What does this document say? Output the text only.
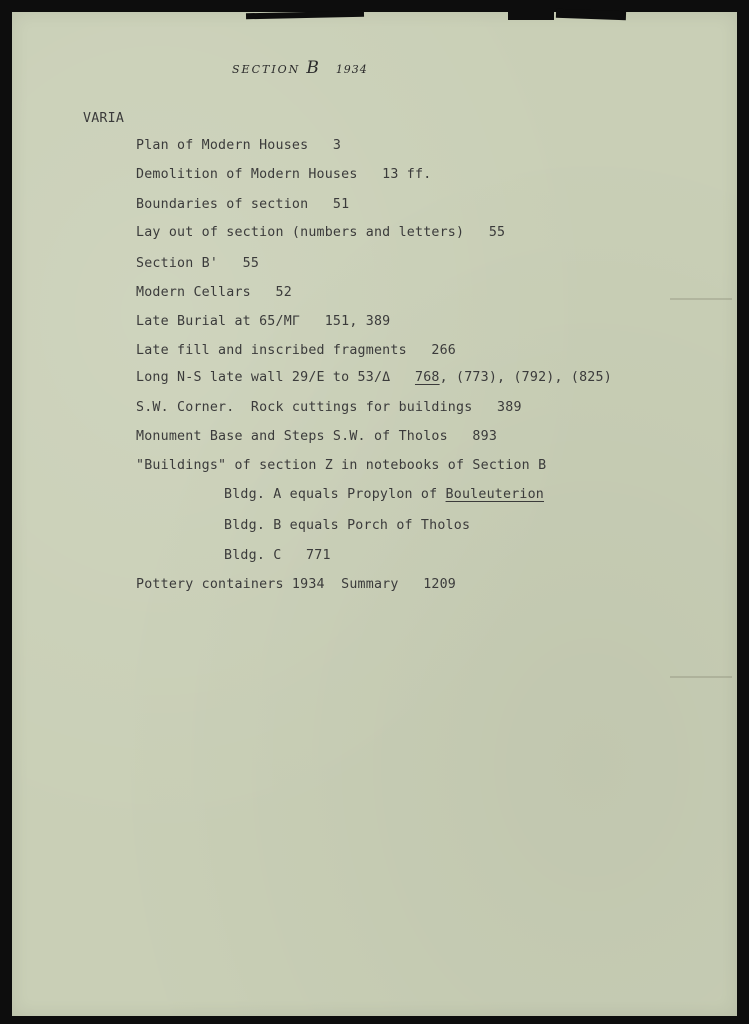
SECTION B 1934
VARIA
Plan of Modern Houses   3
Demolition of Modern Houses   13 ff.
Boundaries of section   51
Lay out of section (numbers and letters)   55
Section B'   55
Modern Cellars   52
Late Burial at 65/MΓ   151, 389
Late fill and inscribed fragments   266
Long N-S late wall 29/E to 53/Δ   768, (773), (792), (825)
S.W. Corner.  Rock cuttings for buildings   389
Monument Base and Steps S.W. of Tholos   893
"Buildings" of section Z in notebooks of Section B
Bldg. A equals Propylon of Bouleuterion
Bldg. B equals Porch of Tholos
Bldg. C   771
Pottery containers 1934  Summary   1209
